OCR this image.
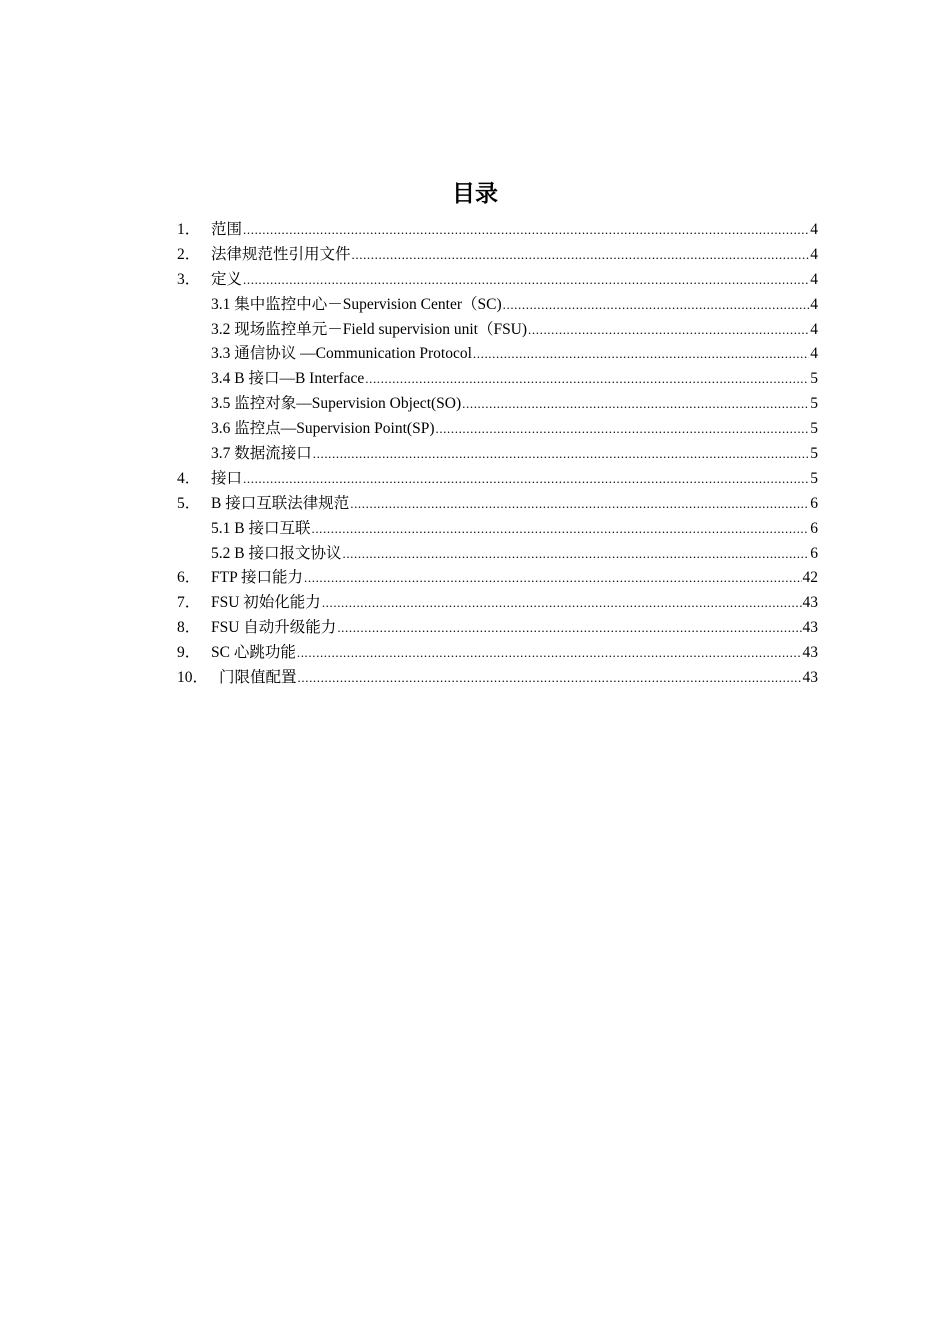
目录
1． 范围 .....	4
2． 法律规范性引用文件 .....	4
3． 定义 .....	4
3.1 集中监控中心－Supervision Center（SC) .....	4
3.2 现场监控单元－Field supervision unit（FSU) .....	4
3.3 通信协议 —Communication Protocol .....	4
3.4 B 接口—B Interface .....	5
3.5 监控对象—Supervision Object(SO) .....	5
3.6 监控点—Supervision Point(SP) .....	5
3.7 数据流接口 .....	5
4． 接口 .....	5
5． B 接口互联法律规范 .....	6
5.1 B 接口互联 .....	6
5.2 B 接口报文协议 .....	6
6． FTP 接口能力 .....	42
7． FSU 初始化能力 .....	43
8． FSU 自动升级能力 .....	43
9． SC 心跳功能 .....	43
10． 门限值配置 .....	43
